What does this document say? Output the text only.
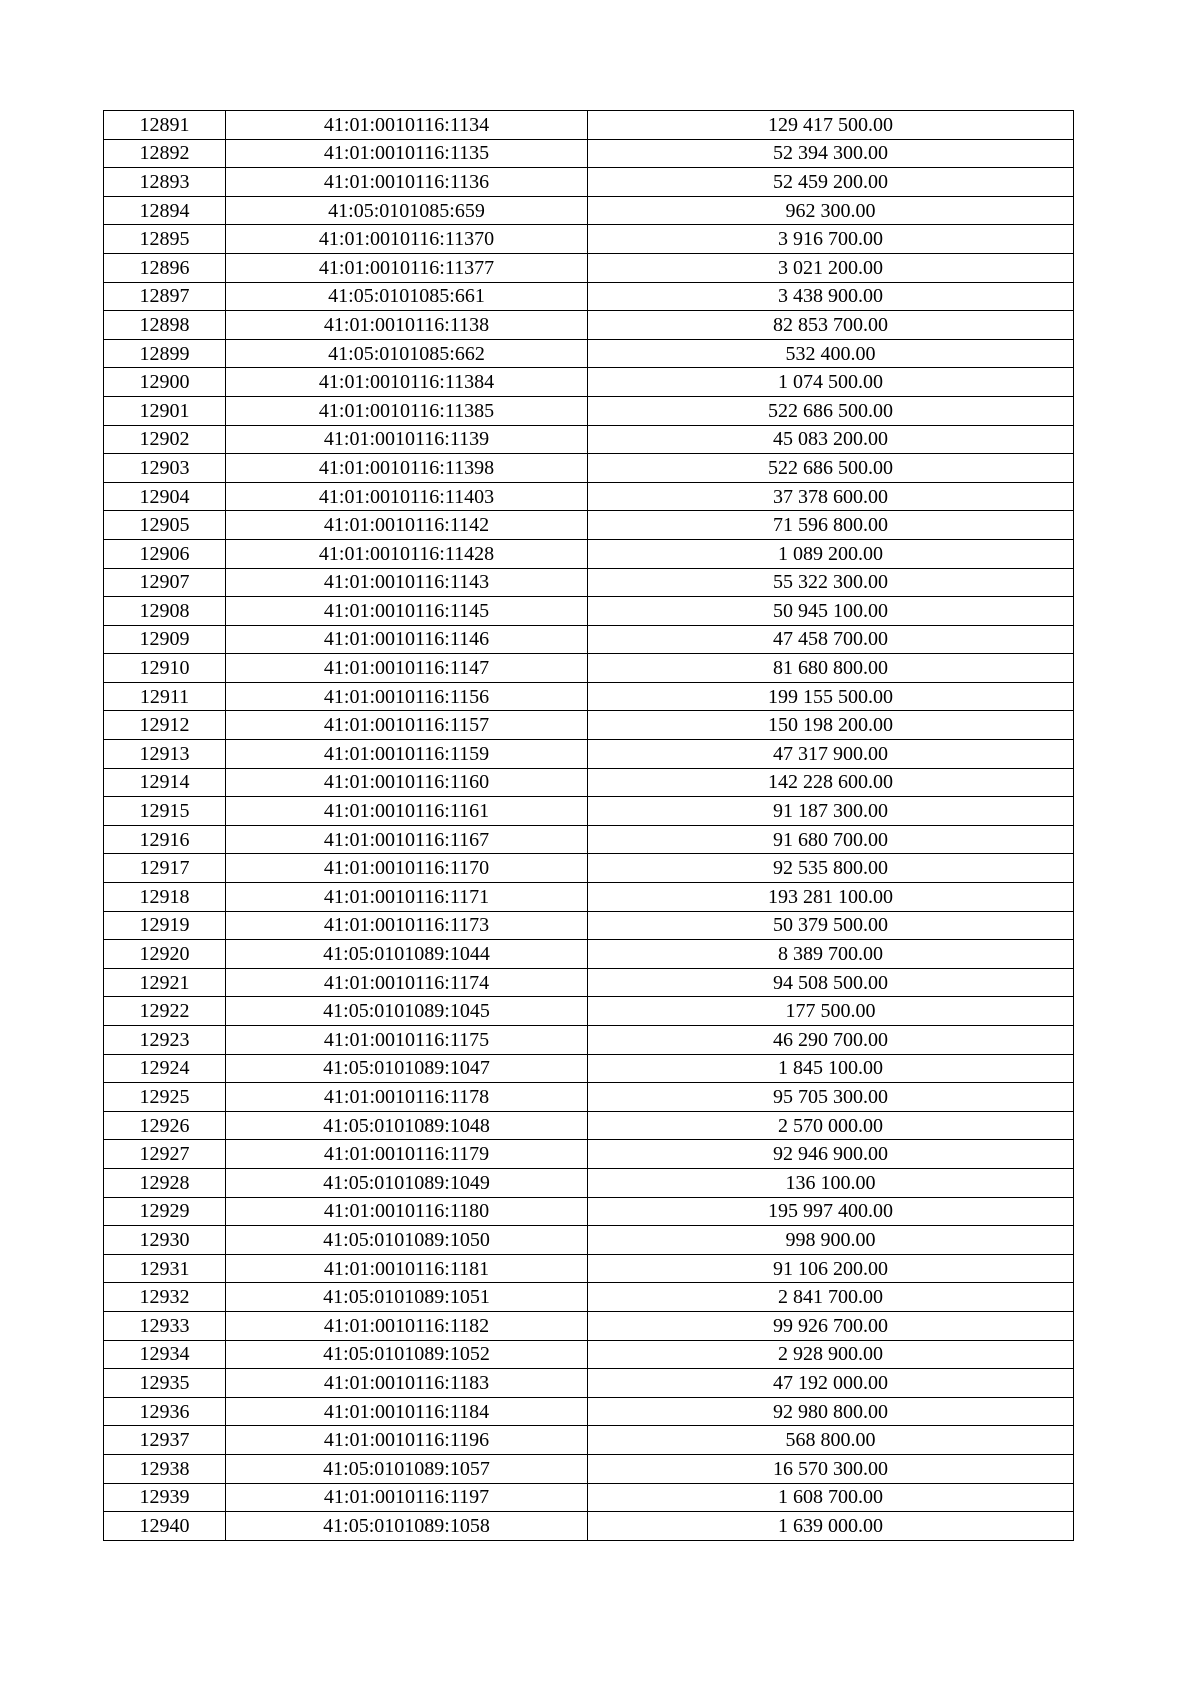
12891	41:01:0010116:1134	129 417 500.00
12892	41:01:0010116:1135	52 394 300.00
12893	41:01:0010116:1136	52 459 200.00
12894	41:05:0101085:659	962 300.00
12895	41:01:0010116:11370	3 916 700.00
12896	41:01:0010116:11377	3 021 200.00
12897	41:05:0101085:661	3 438 900.00
12898	41:01:0010116:1138	82 853 700.00
12899	41:05:0101085:662	532 400.00
12900	41:01:0010116:11384	1 074 500.00
12901	41:01:0010116:11385	522 686 500.00
12902	41:01:0010116:1139	45 083 200.00
12903	41:01:0010116:11398	522 686 500.00
12904	41:01:0010116:11403	37 378 600.00
12905	41:01:0010116:1142	71 596 800.00
12906	41:01:0010116:11428	1 089 200.00
12907	41:01:0010116:1143	55 322 300.00
12908	41:01:0010116:1145	50 945 100.00
12909	41:01:0010116:1146	47 458 700.00
12910	41:01:0010116:1147	81 680 800.00
12911	41:01:0010116:1156	199 155 500.00
12912	41:01:0010116:1157	150 198 200.00
12913	41:01:0010116:1159	47 317 900.00
12914	41:01:0010116:1160	142 228 600.00
12915	41:01:0010116:1161	91 187 300.00
12916	41:01:0010116:1167	91 680 700.00
12917	41:01:0010116:1170	92 535 800.00
12918	41:01:0010116:1171	193 281 100.00
12919	41:01:0010116:1173	50 379 500.00
12920	41:05:0101089:1044	8 389 700.00
12921	41:01:0010116:1174	94 508 500.00
12922	41:05:0101089:1045	177 500.00
12923	41:01:0010116:1175	46 290 700.00
12924	41:05:0101089:1047	1 845 100.00
12925	41:01:0010116:1178	95 705 300.00
12926	41:05:0101089:1048	2 570 000.00
12927	41:01:0010116:1179	92 946 900.00
12928	41:05:0101089:1049	136 100.00
12929	41:01:0010116:1180	195 997 400.00
12930	41:05:0101089:1050	998 900.00
12931	41:01:0010116:1181	91 106 200.00
12932	41:05:0101089:1051	2 841 700.00
12933	41:01:0010116:1182	99 926 700.00
12934	41:05:0101089:1052	2 928 900.00
12935	41:01:0010116:1183	47 192 000.00
12936	41:01:0010116:1184	92 980 800.00
12937	41:01:0010116:1196	568 800.00
12938	41:05:0101089:1057	16 570 300.00
12939	41:01:0010116:1197	1 608 700.00
12940	41:05:0101089:1058	1 639 000.00
